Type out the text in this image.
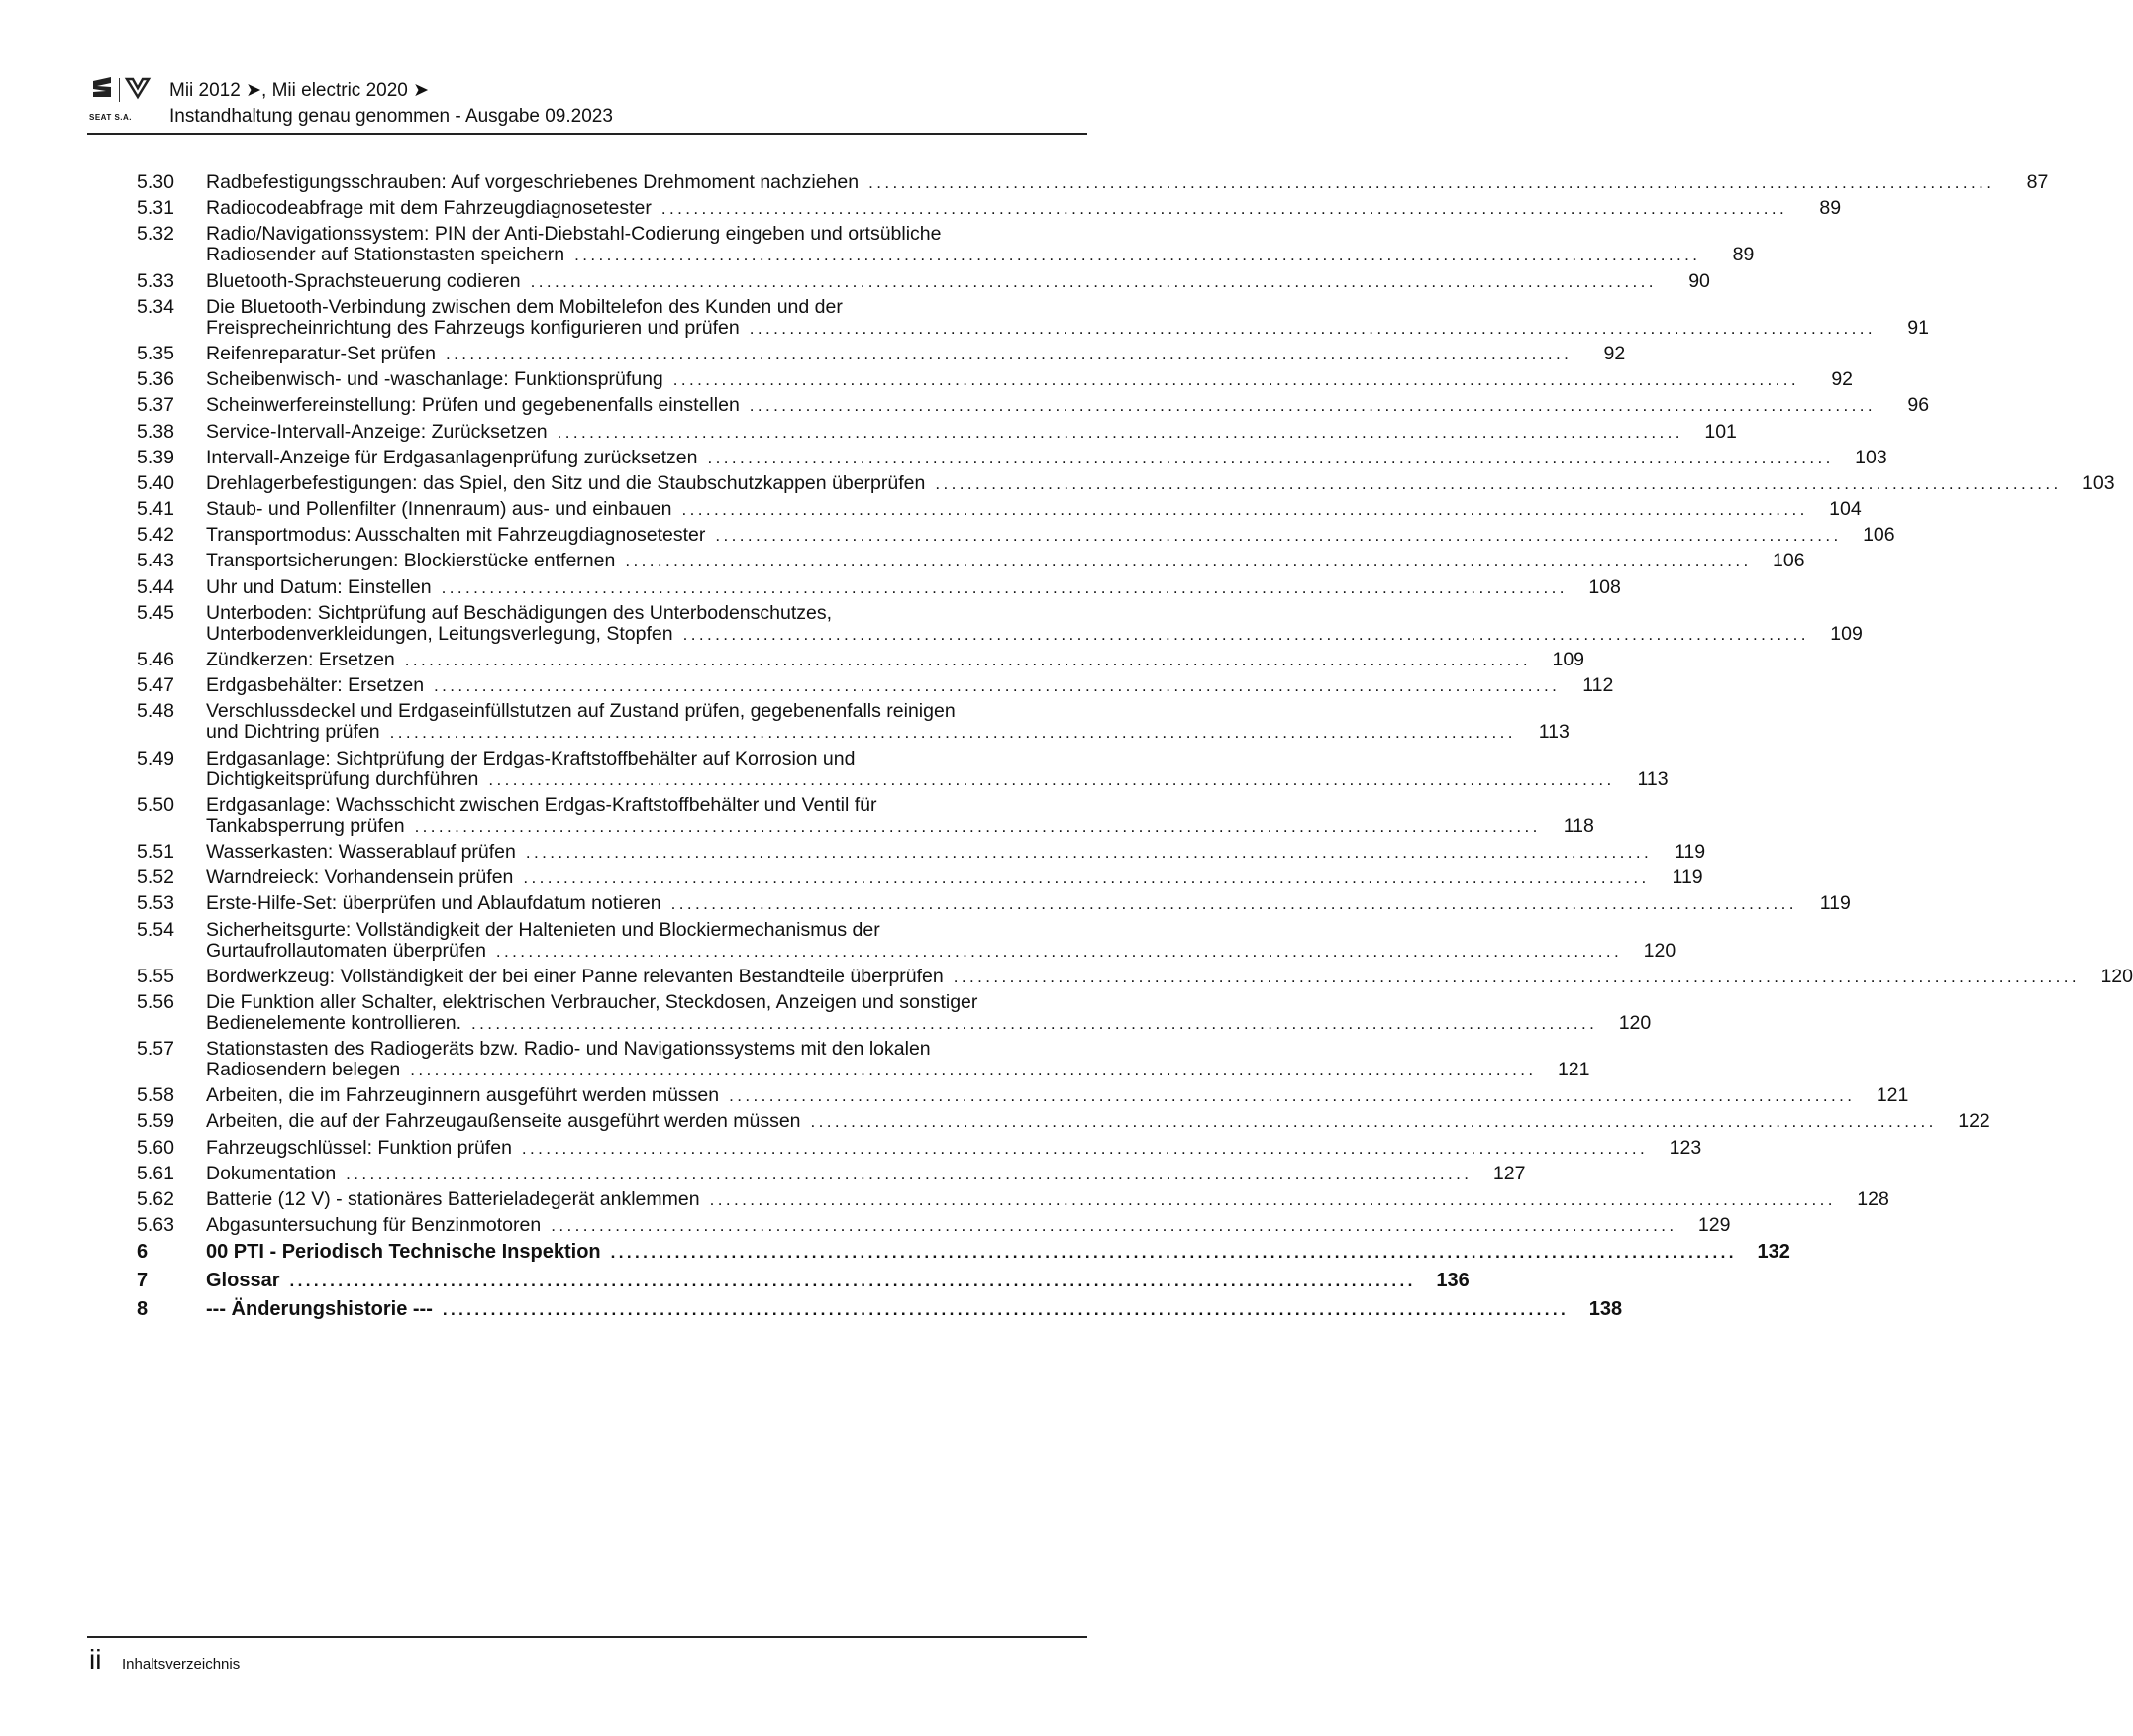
SEAT S.A.
Mii 2012 ➤, Mii electric 2020 ➤
Instandhaltung genau genommen - Ausgabe 09.2023
5.30 Radbefestigungsschrauben: Auf vorgeschriebenes Drehmoment nachziehen ............................................................................................................................................	87
5.31 Radiocodeabfrage mit dem Fahrzeugdiagnosetester ............................................................................................................................................	89
5.32 Radio/Navigationssystem: PIN der Anti-Diebstahl-Codierung eingeben und ortsübliche
Radiosender auf Stationstasten speichern ............................................................................................................................................	89
5.33 Bluetooth-Sprachsteuerung codieren ............................................................................................................................................	90
5.34 Die Bluetooth-Verbindung zwischen dem Mobiltelefon des Kunden und der
Freisprecheinrichtung des Fahrzeugs konfigurieren und prüfen ............................................................................................................................................	91
5.35 Reifenreparatur-Set prüfen ............................................................................................................................................	92
5.36 Scheibenwisch- und -waschanlage: Funktionsprüfung ............................................................................................................................................	92
5.37 Scheinwerfereinstellung: Prüfen und gegebenenfalls einstellen ............................................................................................................................................	96
5.38 Service-Intervall-Anzeige: Zurücksetzen ............................................................................................................................................	101
5.39 Intervall-Anzeige für Erdgasanlagenprüfung zurücksetzen ............................................................................................................................................	103
5.40 Drehlagerbefestigungen: das Spiel, den Sitz und die Staubschutzkappen überprüfen ............................................................................................................................................	103
5.41 Staub- und Pollenfilter (Innenraum) aus- und einbauen ............................................................................................................................................	104
5.42 Transportmodus: Ausschalten mit Fahrzeugdiagnosetester ............................................................................................................................................	106
5.43 Transportsicherungen: Blockierstücke entfernen ............................................................................................................................................	106
5.44 Uhr und Datum: Einstellen ............................................................................................................................................	108
5.45 Unterboden: Sichtprüfung auf Beschädigungen des Unterbodenschutzes,
Unterbodenverkleidungen, Leitungsverlegung, Stopfen ............................................................................................................................................	109
5.46 Zündkerzen: Ersetzen ............................................................................................................................................	109
5.47 Erdgasbehälter: Ersetzen ............................................................................................................................................	112
5.48 Verschlussdeckel und Erdgaseinfüllstutzen auf Zustand prüfen, gegebenenfalls reinigen
und Dichtring prüfen ............................................................................................................................................	113
5.49 Erdgasanlage: Sichtprüfung der Erdgas-Kraftstoffbehälter auf Korrosion und
Dichtigkeitsprüfung durchführen ............................................................................................................................................	113
5.50 Erdgasanlage: Wachsschicht zwischen Erdgas-Kraftstoffbehälter und Ventil für
Tankabsperrung prüfen ............................................................................................................................................	118
5.51 Wasserkasten: Wasserablauf prüfen ............................................................................................................................................	119
5.52 Warndreieck: Vorhandensein prüfen ............................................................................................................................................	119
5.53 Erste-Hilfe-Set: überprüfen und Ablaufdatum notieren ............................................................................................................................................	119
5.54 Sicherheitsgurte: Vollständigkeit der Haltenieten und Blockiermechanismus der
Gurtaufrollautomaten überprüfen ............................................................................................................................................	120
5.55 Bordwerkzeug: Vollständigkeit der bei einer Panne relevanten Bestandteile überprüfen ............................................................................................................................................	120
5.56 Die Funktion aller Schalter, elektrischen Verbraucher, Steckdosen, Anzeigen und sonstiger
Bedienelemente kontrollieren. ............................................................................................................................................	120
5.57 Stationstasten des Radiogeräts bzw. Radio- und Navigationssystems mit den lokalen
Radiosendern belegen ............................................................................................................................................	121
5.58 Arbeiten, die im Fahrzeuginnern ausgeführt werden müssen ............................................................................................................................................	121
5.59 Arbeiten, die auf der Fahrzeugaußenseite ausgeführt werden müssen ............................................................................................................................................	122
5.60 Fahrzeugschlüssel: Funktion prüfen ............................................................................................................................................	123
5.61 Dokumentation ............................................................................................................................................	127
5.62 Batterie (12 V) - stationäres Batterieladegerät anklemmen ............................................................................................................................................	128
5.63 Abgasuntersuchung für Benzinmotoren ............................................................................................................................................	129
6	00 PTI - Periodisch Technische Inspektion ............................................................................................................................................	132
7	Glossar ............................................................................................................................................	136
8	--- Änderungshistorie --- ............................................................................................................................................	138
ii Inhaltsverzeichnis
